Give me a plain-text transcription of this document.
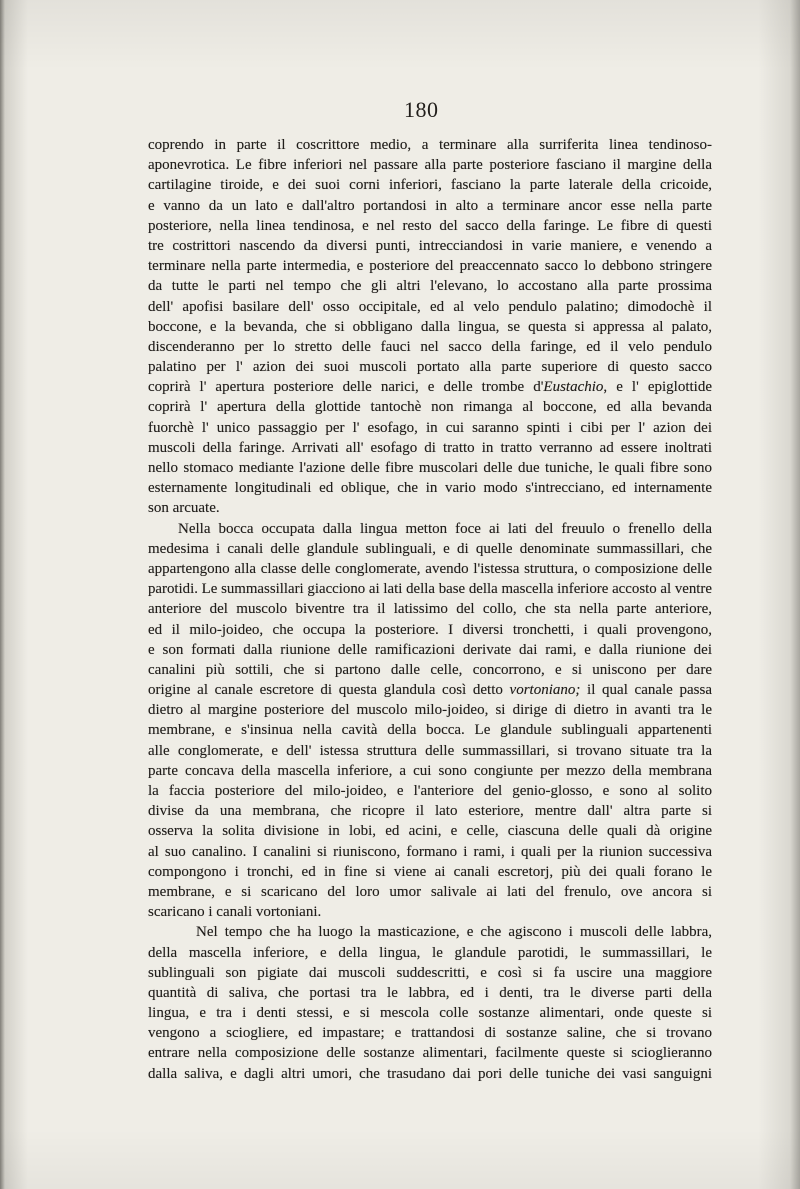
180
coprendo in parte il coscrittore medio, a terminare alla surriferita linea tendinoso-
aponevrotica. Le fibre inferiori nel passare alla parte posteriore fasciano il margine della
cartilagine tiroide, e dei suoi corni inferiori, fasciano la parte laterale della cricoide,
e vanno da un lato e dall'altro portandosi in alto a terminare ancor esse nella parte
posteriore, nella linea tendinosa, e nel resto del sacco della faringe. Le fibre di questi
tre costrittori nascendo da diversi punti, intrecciandosi in varie maniere, e venendo a
terminare nella parte intermedia, e posteriore del preaccennato sacco lo debbono stringere
da tutte le parti nel tempo che gli altri l'elevano, lo accostano alla parte prossima
dell' apofisi basilare dell' osso occipitale, ed al velo pendulo palatino; dimodochè il
boccone, e la bevanda, che si obbligano dalla lingua, se questa si appressa al palato,
discenderanno per lo stretto delle fauci nel sacco della faringe, ed il velo pendulo
palatino per l' azion dei suoi muscoli portato alla parte superiore di questo sacco
coprirà l' apertura posteriore delle narici, e delle trombe d'Eustachio, e l' epiglottide
coprirà l' apertura della glottide tantochè non rimanga al boccone, ed alla bevanda
fuorchè l' unico passaggio per l' esofago, in cui saranno spinti i cibi per l' azion dei
muscoli della faringe. Arrivati all' esofago di tratto in tratto verranno ad essere inoltrati
nello stomaco mediante l'azione delle fibre muscolari delle due tuniche, le quali fibre sono
esternamente longitudinali ed oblique, che in vario modo s'intrecciano, ed internamente
son arcuate.
Nella bocca occupata dalla lingua metton foce ai lati del freuulo o frenello della
medesima i canali delle glandule sublinguali, e di quelle denominate summassillari, che
appartengono alla classe delle conglomerate, avendo l'istessa struttura, o composizione delle
parotidi. Le summassillari giacciono ai lati della base della mascella inferiore accosto al ventre
anteriore del muscolo biventre tra il latissimo del collo, che sta nella parte anteriore,
ed il milo-joideo, che occupa la posteriore. I diversi tronchetti, i quali provengono,
e son formati dalla riunione delle ramificazioni derivate dai rami, e dalla riunione dei
canalini più sottili, che si partono dalle celle, concorrono, e si uniscono per dare
origine al canale escretore di questa glandula così detto vortoniano; il qual canale passa
dietro al margine posteriore del muscolo milo-joideo, si dirige di dietro in avanti tra le
membrane, e s'insinua nella cavità della bocca. Le glandule sublinguali appartenenti
alle conglomerate, e dell' istessa struttura delle summassillari, si trovano situate tra la
parte concava della mascella inferiore, a cui sono congiunte per mezzo della membrana
la faccia posteriore del milo-joideo, e l'anteriore del genio-glosso, e sono al solito
divise da una membrana, che ricopre il lato esteriore, mentre dall' altra parte si
osserva la solita divisione in lobi, ed acini, e celle, ciascuna delle quali dà origine
al suo canalino. I canalini si riuniscono, formano i rami, i quali per la riunion successiva
compongono i tronchi, ed in fine si viene ai canali escretorj, più dei quali forano le
membrane, e si scaricano del loro umor salivale ai lati del frenulo, ove ancora si
scaricano i canali vortoniani.
Nel tempo che ha luogo la masticazione, e che agiscono i muscoli delle labbra,
della mascella inferiore, e della lingua, le glandule parotidi, le summassillari, le
sublinguali son pigiate dai muscoli suddescritti, e così si fa uscire una maggiore
quantità di saliva, che portasi tra le labbra, ed i denti, tra le diverse parti della
lingua, e tra i denti stessi, e si mescola colle sostanze alimentari, onde queste si
vengono a sciogliere, ed impastare; e trattandosi di sostanze saline, che si trovano
entrare nella composizione delle sostanze alimentari, facilmente queste si scioglieranno
dalla saliva, e dagli altri umori, che trasudano dai pori delle tuniche dei vasi sanguigni
